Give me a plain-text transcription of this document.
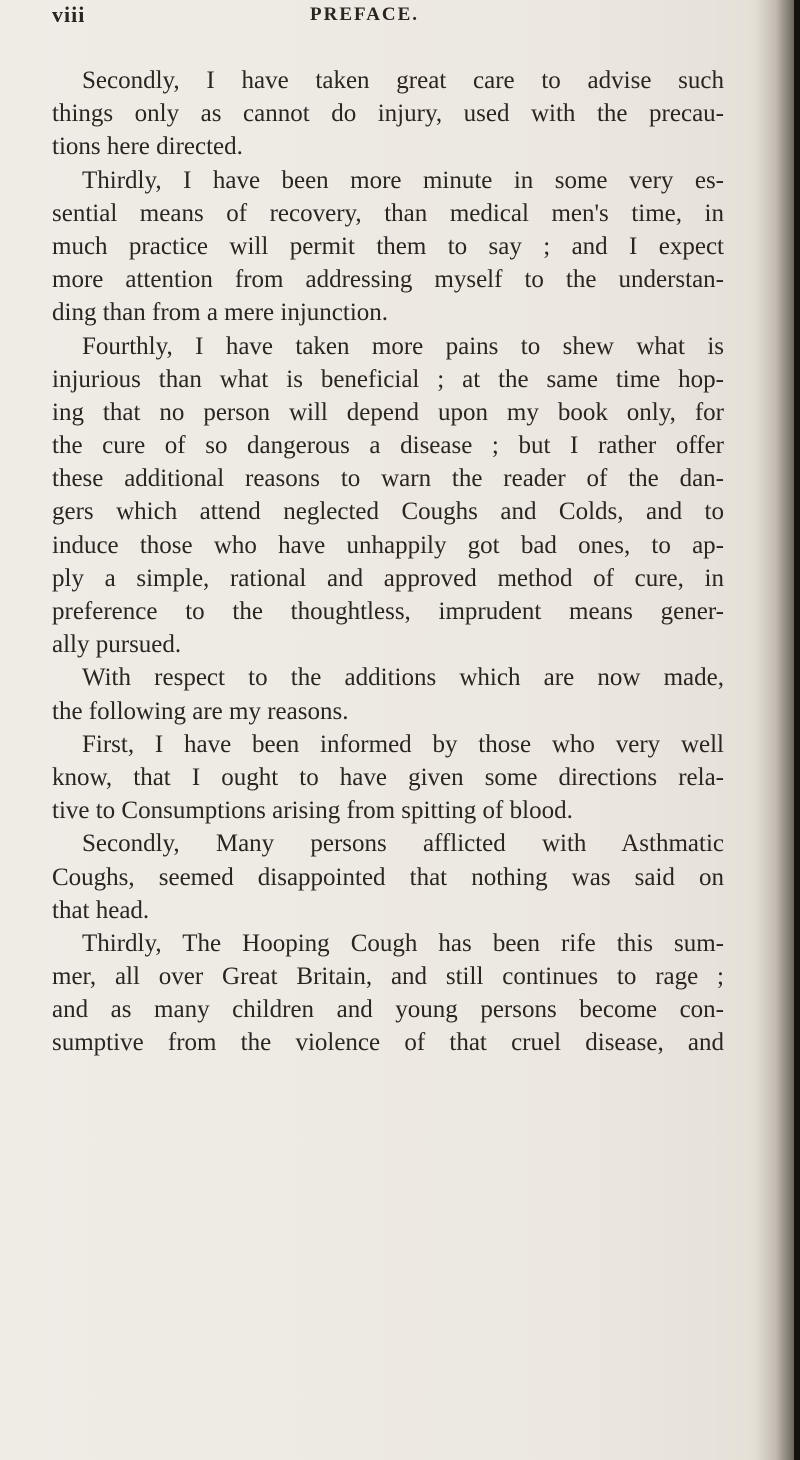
viii	PREFACE.
Secondly, I have taken great care to advise such
things only as cannot do injury, used with the precau-
tions here directed.
Thirdly, I have been more minute in some very es-
sential means of recovery, than medical men's time, in
much practice will permit them to say ; and I expect
more attention from addressing myself to the understan-
ding than from a mere injunction.
Fourthly, I have taken more pains to shew what is
injurious than what is beneficial ; at the same time hop-
ing that no person will depend upon my book only, for
the cure of so dangerous a disease ; but I rather offer
these additional reasons to warn the reader of the dan-
gers which attend neglected Coughs and Colds, and to
induce those who have unhappily got bad ones, to ap-
ply a simple, rational and approved method of cure, in
preference to the thoughtless, imprudent means gener-
ally pursued.
With respect to the additions which are now made,
the following are my reasons.
First, I have been informed by those who very well
know, that I ought to have given some directions rela-
tive to Consumptions arising from spitting of blood.
Secondly, Many persons afflicted with Asthmatic
Coughs, seemed disappointed that nothing was said on
that head.
Thirdly, The Hooping Cough has been rife this sum-
mer, all over Great Britain, and still continues to rage ;
and as many children and young persons become con-
sumptive from the violence of that cruel disease, and
